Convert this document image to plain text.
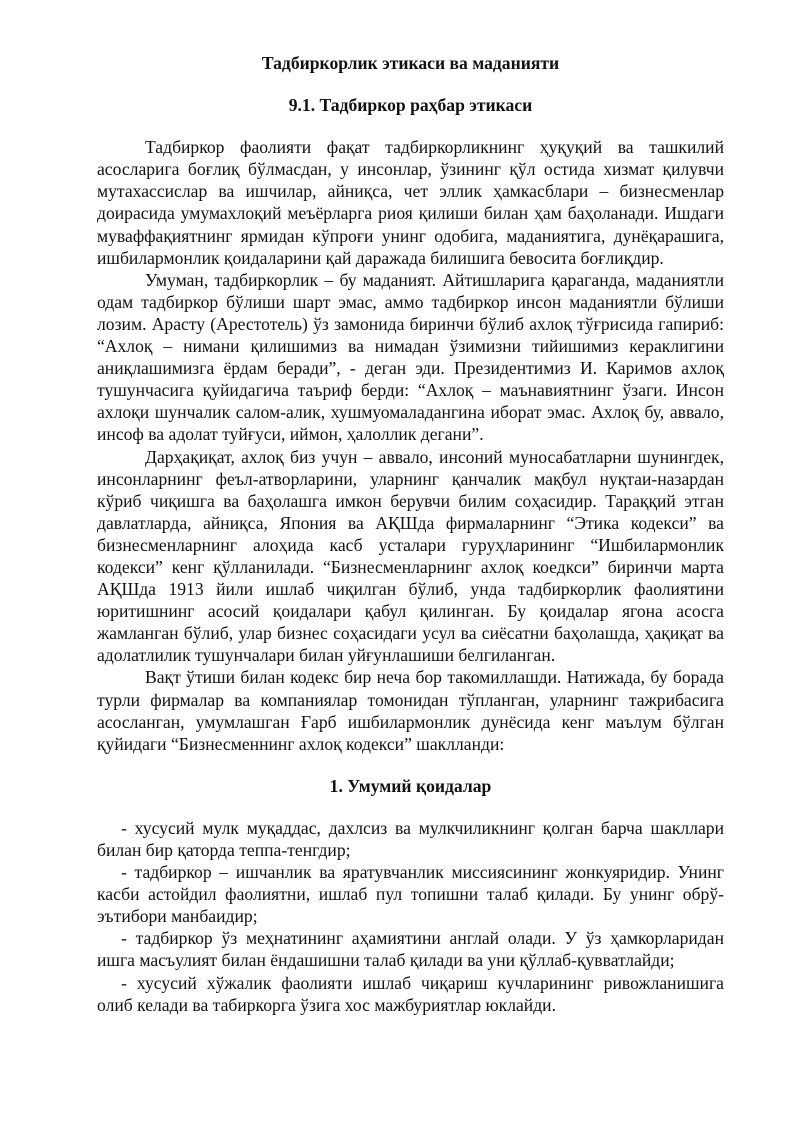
Тадбиркорлик этикаси ва маданияти

9.1. Тадбиркор раҳбар этикаси

Тадбиркор фаолияти фақат тадбиркорликнинг ҳуқуқий ва ташкилий асосларига боғлиқ бўлмасдан, у инсонлар, ўзининг қўл остида хизмат қилувчи мутахассислар ва ишчилар, айниқса, чет эллик ҳамкасблари – бизнесменлар доирасида умумахлоқий меъёрларга риоя қилиши билан ҳам баҳоланади. Ишдаги муваффақиятнинг ярмидан кўпроғи унинг одобига, маданиятига, дунёқарашига, ишбилармонлик қоидаларини қай даражада билишига бевосита боғлиқдир.

Умуман, тадбиркорлик – бу маданият. Айтишларига қараганда, маданиятли одам тадбиркор бўлиши шарт эмас, аммо тадбиркор инсон маданиятли бўлиши лозим. Арасту (Арестотель) ўз замонида биринчи бўлиб ахлоқ тўғрисида гапириб: “Ахлоқ – нимани қилишимиз ва нимадан ўзимизни тийишимиз кераклигини аниқлашимизга ёрдам беради”, - деган эди. Президентимиз И. Каримов ахлоқ тушунчасига қуйидагича таъриф берди: “Ахлоқ – маънавиятнинг ўзаги. Инсон ахлоқи шунчалик салом-алик, хушмуомаладангина иборат эмас. Ахлоқ бу, аввало, инсоф ва адолат туйғуси, иймон, ҳалоллик дегани”.

Дарҳақиқат, ахлоқ биз учун – аввало, инсоний муносабатларни шунингдек, инсонларнинг феъл-атворларини, уларнинг қанчалик мақбул нуқтаи-назардан кўриб чиқишга ва баҳолашга имкон берувчи билим соҳасидир. Тараққий этган давлатларда, айниқса, Япония ва АҚШда фирмаларнинг “Этика кодекси” ва бизнесменларнинг алоҳида касб усталари гуруҳларининг “Ишбилармонлик кодекси” кенг қўлланилади. “Бизнесменларнинг ахлоқ коедкси” биринчи марта АҚШда 1913 йили ишлаб чиқилган бўлиб, унда тадбиркорлик фаолиятини юритишнинг асосий қоидалари қабул қилинган. Бу қоидалар ягона асосга жамланган бўлиб, улар бизнес соҳасидаги усул ва сиёсатни баҳолашда, ҳақиқат ва адолатлилик тушунчалари билан уйғунлашиши белгиланган.

Вақт ўтиши билан кодекс бир неча бор такомиллашди. Натижада, бу борада турли фирмалар ва компаниялар томонидан тўпланган, уларнинг тажрибасига асосланган, умумлашган Ғарб ишбилармонлик дунёсида кенг маълум бўлган қуйидаги “Бизнесменнинг ахлоқ кодекси” шаклланди:

1. Умумий қоидалар

- хусусий мулк муқаддас, дахлсиз ва мулкчиликнинг қолган барча шакллари билан бир қаторда теппа-тенгдир;

- тадбиркор – ишчанлик ва яратувчанлик миссиясининг жонкуяридир. Унинг касби астойдил фаолиятни, ишлаб пул топишни талаб қилади. Бу унинг обрў-эътибори манбаидир;

- тадбиркор ўз меҳнатининг аҳамиятини англай олади. У ўз ҳамкорларидан ишга масъулият билан ёндашишни талаб қилади ва уни қўллаб-қувватлайди;

- хусусий хўжалик фаолияти ишлаб чиқариш кучларининг ривожланишига олиб келади ва табиркорга ўзига хос мажбуриятлар юклайди.
